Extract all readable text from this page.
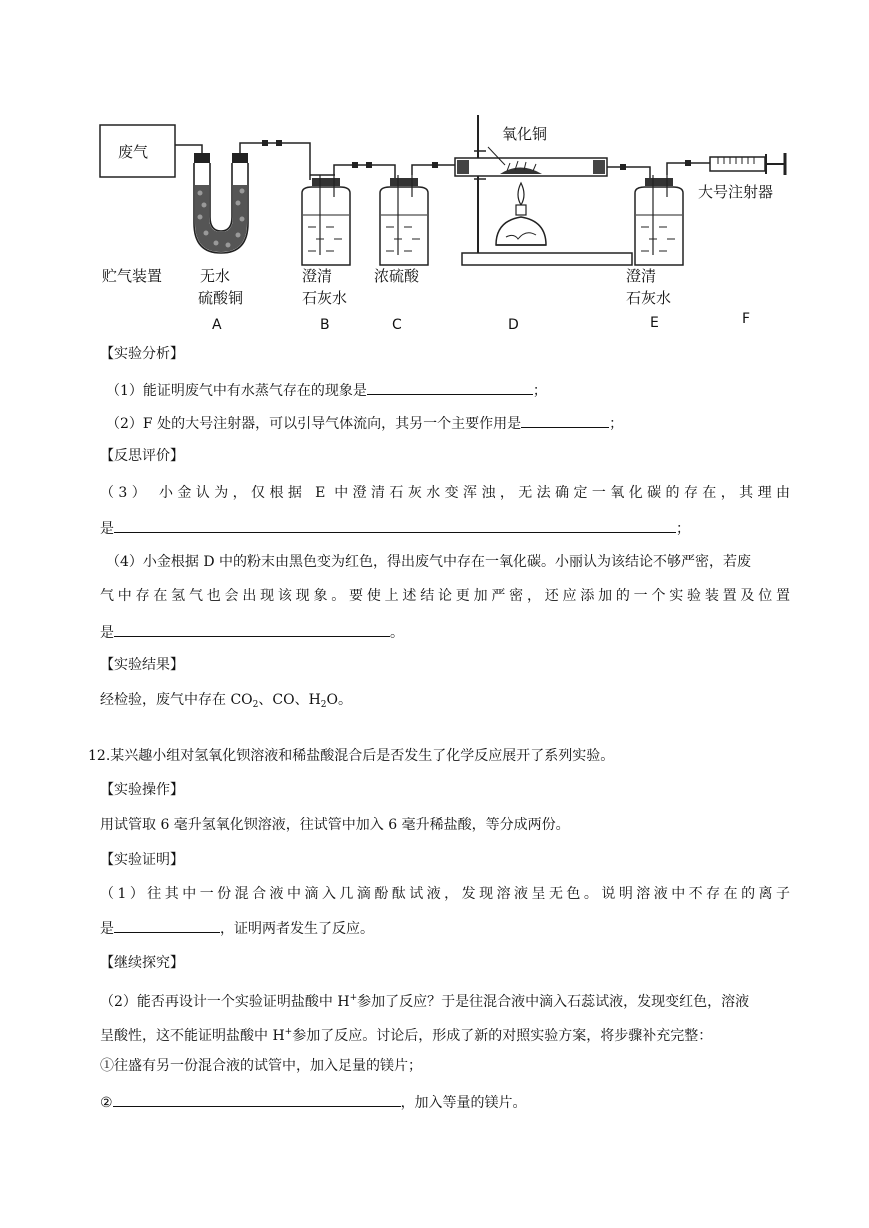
废气
氧化铜
大号注射器
贮气装置	无水
硫酸铜
澄清
石灰水
浓硫酸	澄清
石灰水
A	B	C	D	E	F
【实验分析】
（1）能证明废气中有水蒸气存在的现象是	；
（2）F 处的大号注射器，可以引导气体流向，其另一个主要作用是	；
【反思评价】
（3） 小金认为，仅根据 E 中澄清石灰水变浑浊，无法确定一氧化碳的存在，其理由
是	；
（4）小金根据 D 中的粉末由黑色变为红色，得出废气中存在一氧化碳。小丽认为该结论不够严密，若废
气中存在氢气也会出现该现象。要使上述结论更加严密，还应添加的一个实验装置及位置
是	。
【实验结果】
经检验，废气中存在 $CO_2$、CO、$H_2O$。
12.某兴趣小组对氢氧化钡溶液和稀盐酸混合后是否发生了化学反应展开了系列实验。
【实验操作】
用试管取 6 毫升氢氧化钡溶液，往试管中加入 6 毫升稀盐酸，等分成两份。
【实验证明】
（1）往其中一份混合液中滴入几滴酚酞试液，发现溶液呈无色。说明溶液中不存在的离子
是	，证明两者发生了反应。
【继续探究】
（2）能否再设计一个实验证明盐酸中 H+参加了反应？于是往混合液中滴入石蕊试液，发现变红色，溶液
呈酸性，这不能证明盐酸中 H+参加了反应。讨论后，形成了新的对照实验方案，将步骤补充完整：
①往盛有另一份混合液的试管中，加入足量的镁片；
②	，加入等量的镁片。
